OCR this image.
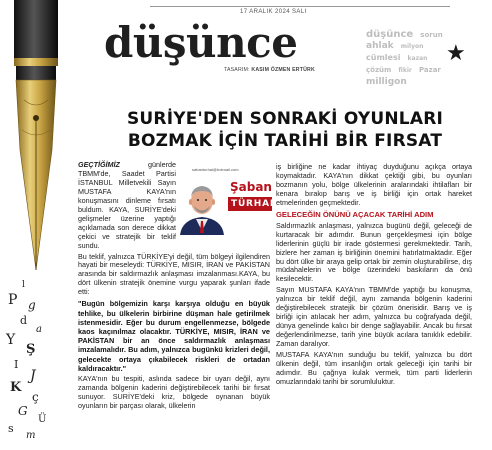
17 ARALIK 2024 SALI
düşünce
TASARIM: KASIM ÖZMEN ERTÜRK
düşünce sorun ahlak milyon cümlesi kazan çözüm fikir Pazar milligon
★
l
P g
d
a
Y
Ş
I
J
K
ç
G
Ü
s
m
SURİYE'DEN SONRAKİ OYUNLARI
BOZMAK İÇİN TARİHİ BİR FIRSAT
sabanturhal@hotmail.com
Şaban
TÜRHAL

GEÇTİĞİMİZ günlerde TBMM'de, Saadet Partisi İSTANBUL Milletvekili Sayın MUSTAFA KAYA'nın konuşmasını dinleme fırsatı buldum. KAYA, SURİYE'deki gelişmeler üzerine yaptığı açıklamada son derece dikkat çekici ve stratejik bir teklif sundu.

Bu teklif, yalnızca TÜRKİYE'yi değil, tüm bölgeyi ilgilendiren hayati bir meseleydi: TÜRKİYE, MISIR, İRAN ve PAKİSTAN arasında bir saldırmazlık anlaşması imzalanması.KAYA, bu dört ülkenin stratejik önemine vurgu yaparak şunları ifade etti:

"Bugün bölgemizin karşı karşıya olduğu en büyük tehlike, bu ülkelerin birbirine düşman hale getirilmek istenmesidir. Eğer bu durum engellenmezse, bölgede kaos kaçınılmaz olacaktır. TÜRKİYE, MISIR, İRAN ve PAKİSTAN bir an önce saldırmazlık anlaşması imzalamalıdır. Bu adım, yalnızca bugünkü krizleri değil, gelecekte ortaya çıkabilecek riskleri de ortadan kaldıracaktır."

KAYA'nın bu tespiti, aslında sadece bir uyarı değil, aynı zamanda bölgenin kaderini değiştirebilecek tarihi bir fırsat sunuyor. SURİYE'deki kriz, bölgede oynanan büyük oyunların bir parçası olarak, ülkelerin

iş birliğine ne kadar ihtiyaç duyduğunu açıkça ortaya koymaktadır. KAYA'nın dikkat çektiği gibi, bu oyunları bozmanın yolu, bölge ülkelerinin aralarındaki ihtilafları bir kenara bırakıp barış ve iş birliği için ortak hareket etmelerinden geçmektedir.

GELECEĞİN ÖNÜNÜ AÇACAK TARİHİ ADIM

Saldırmazlık anlaşması, yalnızca bugünü değil, geleceği de kurtaracak bir adımdır. Bunun gerçekleşmesi için bölge liderlerinin güçlü bir irade göstermesi gerekmektedir. Tarih, bizlere her zaman iş birliğinin önemini hatırlatmaktadır. Eğer bu dört ülke bir araya gelip ortak bir zemin oluşturabilirse, dış müdahalelerin ve bölge üzerindeki baskıların da önü kesilecektir.

Sayın MUSTAFA KAYA'nın TBMM'de yaptığı bu konuşma, yalnızca bir teklif değil, aynı zamanda bölgenin kaderini değiştirebilecek stratejik bir çözüm önerisidir. Barış ve iş birliği için atılacak her adım, yalnızca bu coğrafyada değil, dünya genelinde kalıcı bir denge sağlayabilir. Ancak bu fırsat değerlendirilmezse, tarih yine büyük acılara tanıklık edebilir. Zaman daralıyor.

MUSTAFA KAYA'nın sunduğu bu teklif, yalnızca bu dört ülkenin değil, tüm insanlığın ortak geleceği için tarihi bir adımdır. Bu çağrıya kulak vermek, tüm parti liderlerin omuzlarındaki tarihi bir sorumluluktur.
